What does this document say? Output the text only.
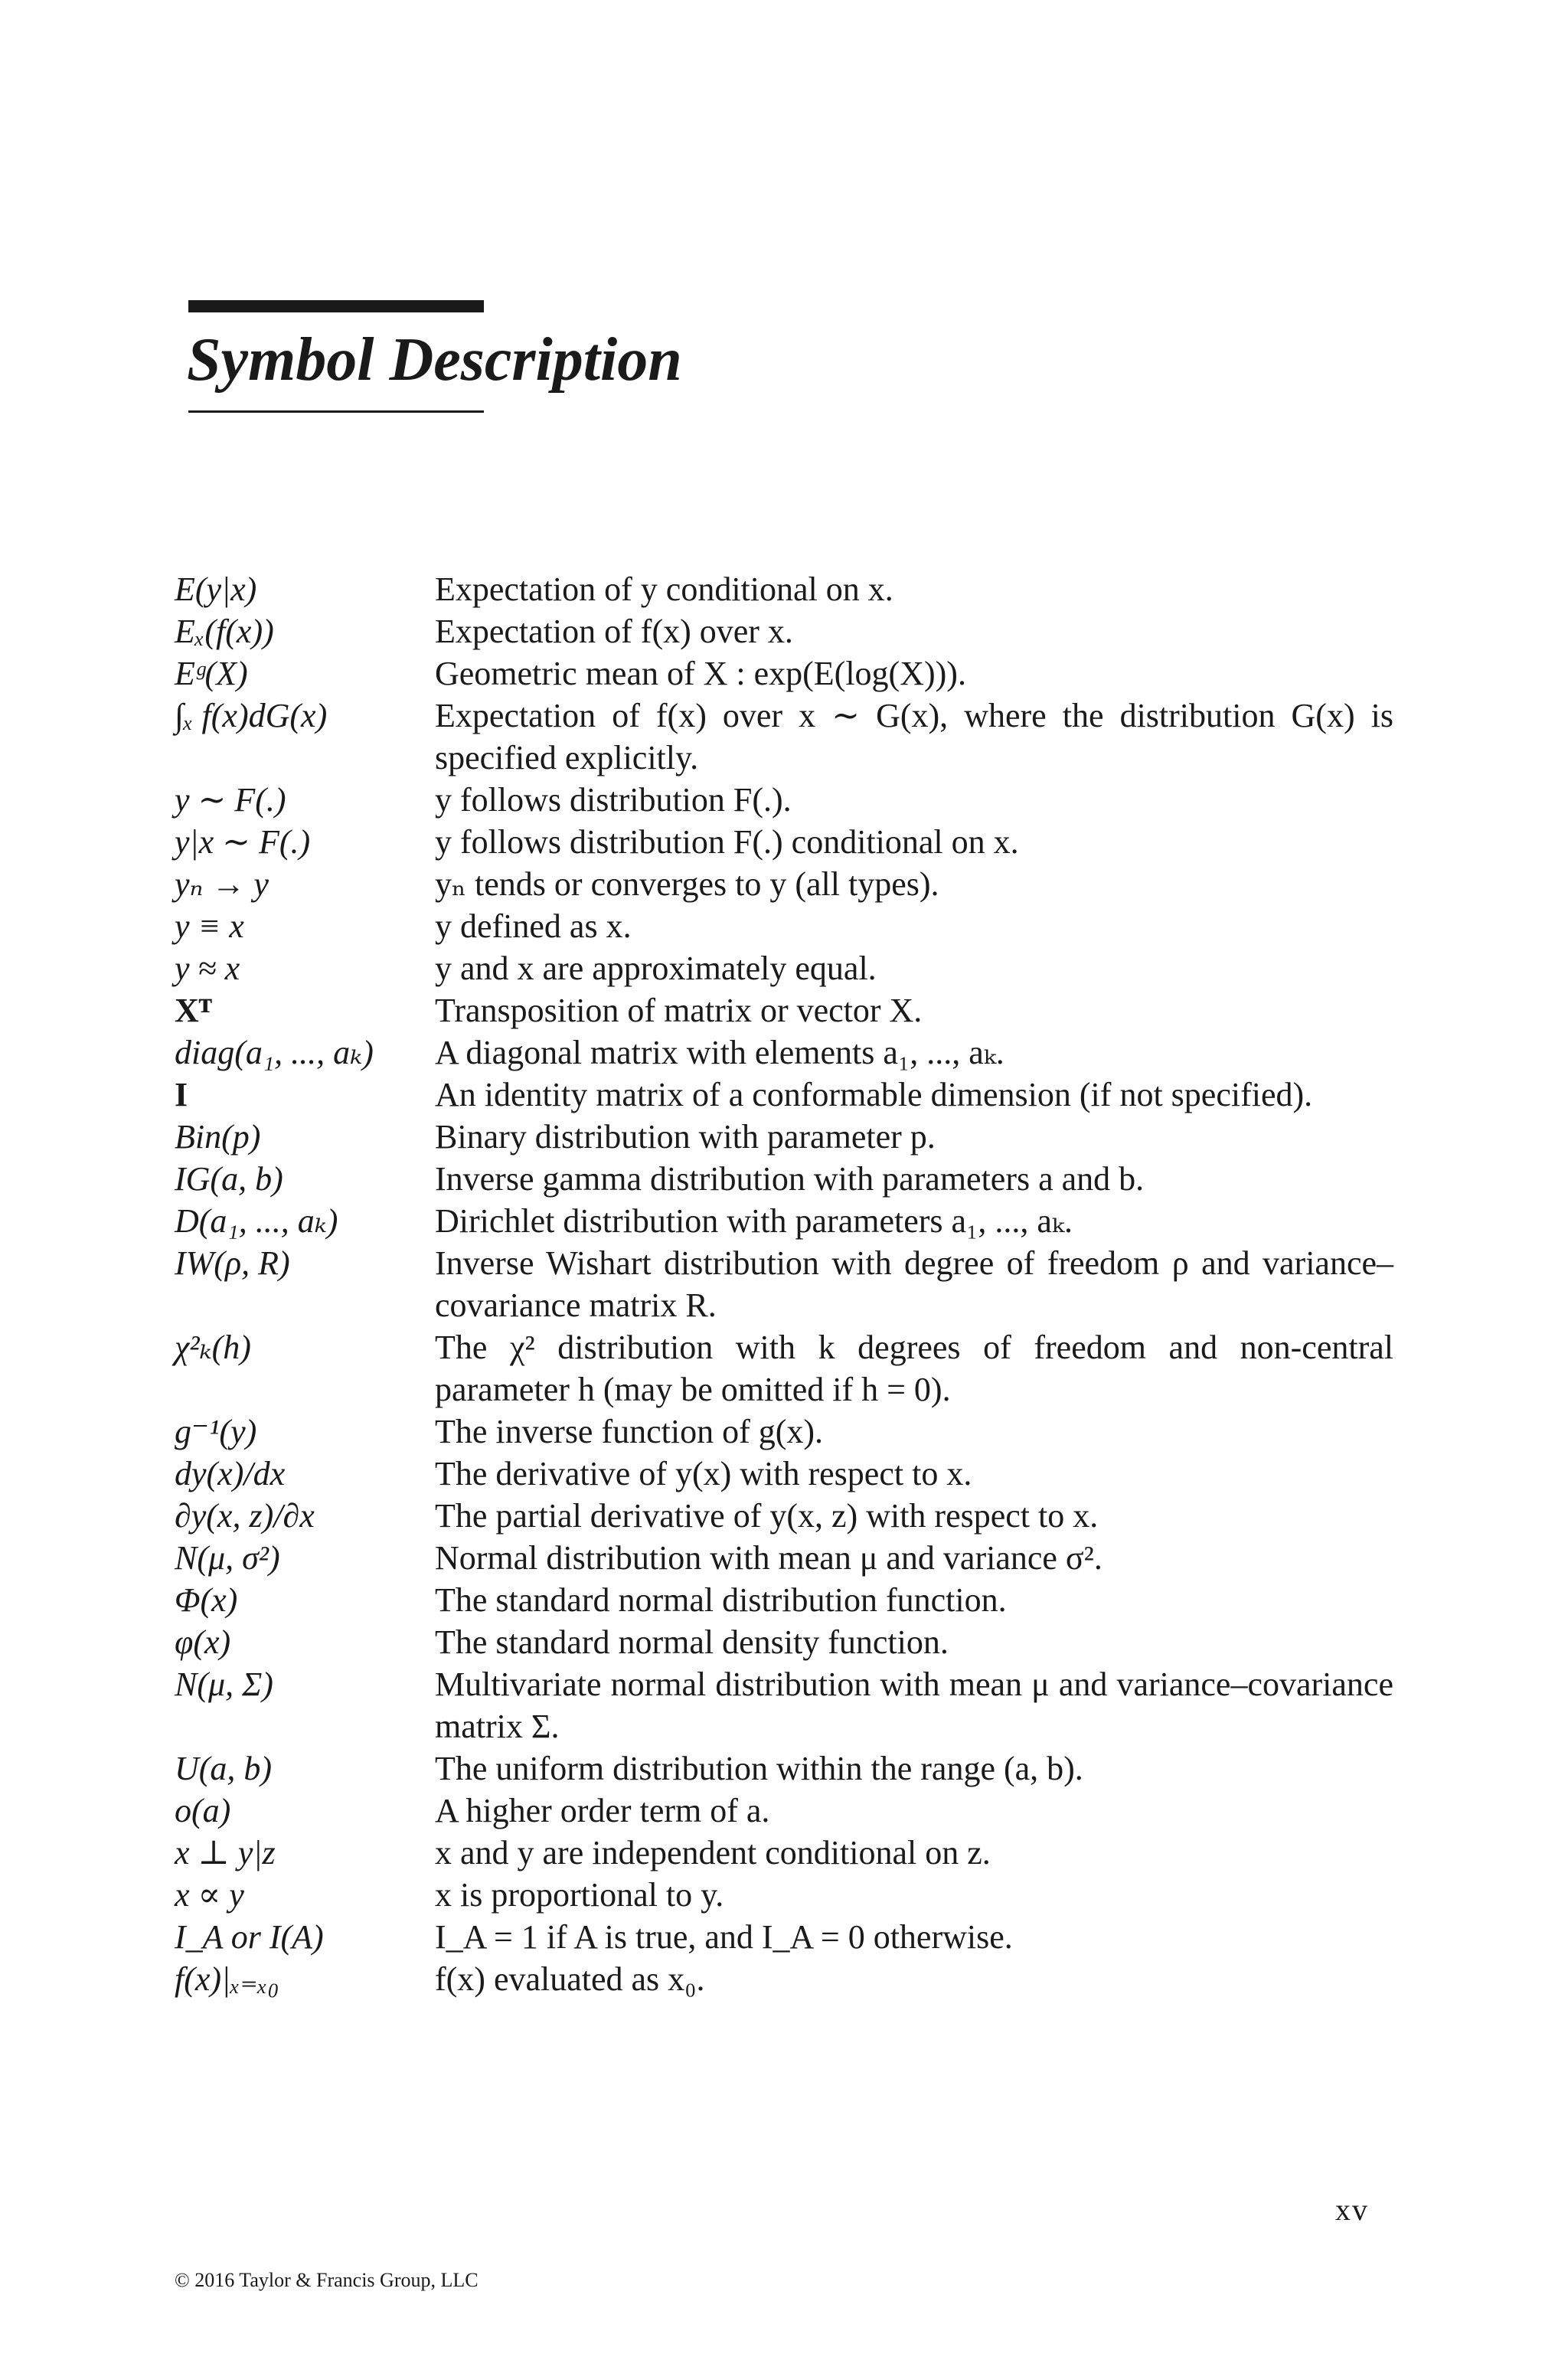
Symbol Description
E(y|x)	Expectation of y conditional on x.
Eₓ(f(x))	Expectation of f(x) over x.
Eᵍ(X)	Geometric mean of X : exp(E(log(X))).
∫ₓ f(x)dG(x)	Expectation of f(x) over x ∼ G(x), where the distribution G(x) is specified explicitly.
y ∼ F(.)	y follows distribution F(.).
y|x ∼ F(.)	y follows distribution F(.) conditional on x.
yₙ → y	yₙ tends or converges to y (all types).
y ≡ x	y defined as x.
y ≈ x	y and x are approximately equal.
Xᵀ	Transposition of matrix or vector X.
diag(a₁, ..., aₖ)	A diagonal matrix with elements a₁, ..., aₖ.
I	An identity matrix of a conformable dimension (if not specified).
Bin(p)	Binary distribution with parameter p.
IG(a, b)	Inverse gamma distribution with parameters a and b.
D(a₁, ..., aₖ)	Dirichlet distribution with parameters a₁, ..., aₖ.
IW(ρ, R)	Inverse Wishart distribution with degree of freedom ρ and variance–covariance matrix R.
χ²ₖ(h)	The χ² distribution with k degrees of freedom and non-central parameter h (may be omitted if h = 0).
g⁻¹(y)	The inverse function of g(x).
dy(x)/dx	The derivative of y(x) with respect to x.
∂y(x, z)/∂x	The partial derivative of y(x, z) with respect to x.
N(μ, σ²)	Normal distribution with mean μ and variance σ².
Φ(x)	The standard normal distribution function.
φ(x)	The standard normal density function.
N(μ, Σ)	Multivariate normal distribution with mean μ and variance–covariance matrix Σ.
U(a, b)	The uniform distribution within the range (a, b).
o(a)	A higher order term of a.
x ⊥ y|z	x and y are independent conditional on z.
x ∝ y	x is proportional to y.
I_A or I(A)	I_A = 1 if A is true, and I_A = 0 otherwise.
f(x)|ₓ₌ₓ₀	f(x) evaluated as x₀.
xv
© 2016 Taylor & Francis Group, LLC
